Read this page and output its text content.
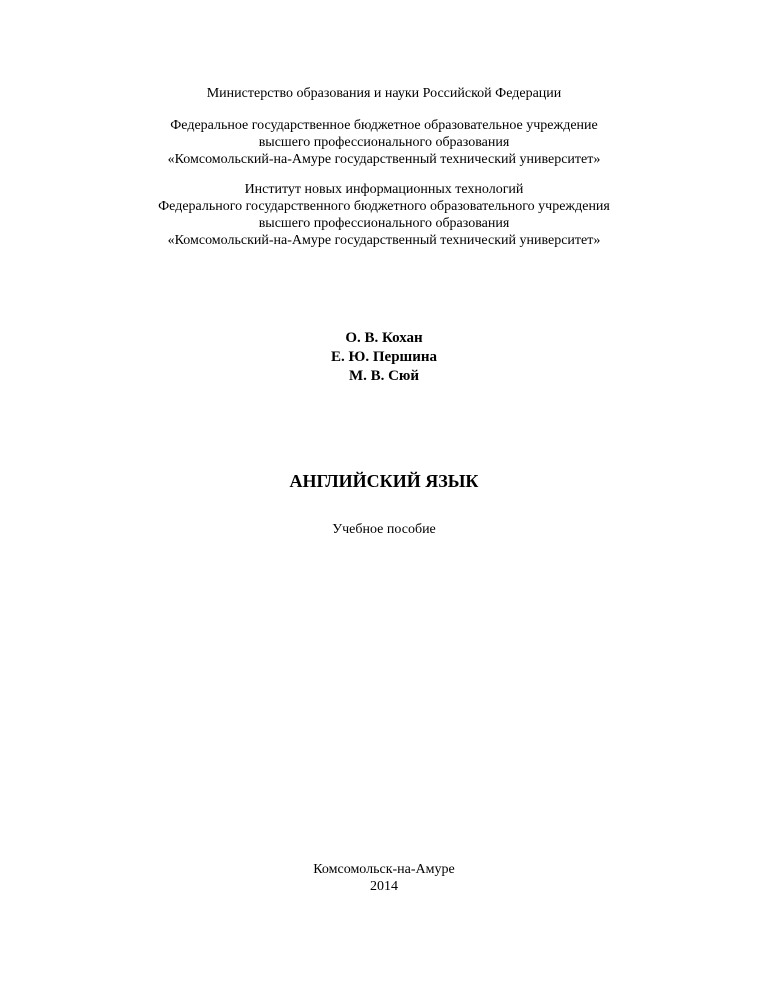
Министерство образования и науки Российской Федерации
Федеральное государственное бюджетное образовательное учреждение
высшего профессионального образования
«Комсомольский-на-Амуре государственный технический университет»
Институт новых информационных технологий
Федерального государственного бюджетного образовательного учреждения
высшего профессионального образования
«Комсомольский-на-Амуре государственный технический университет»
О. В. Кохан
Е. Ю. Першина
М. В. Сюй
АНГЛИЙСКИЙ ЯЗЫК
Учебное пособие
Комсомольск-на-Амуре
2014
